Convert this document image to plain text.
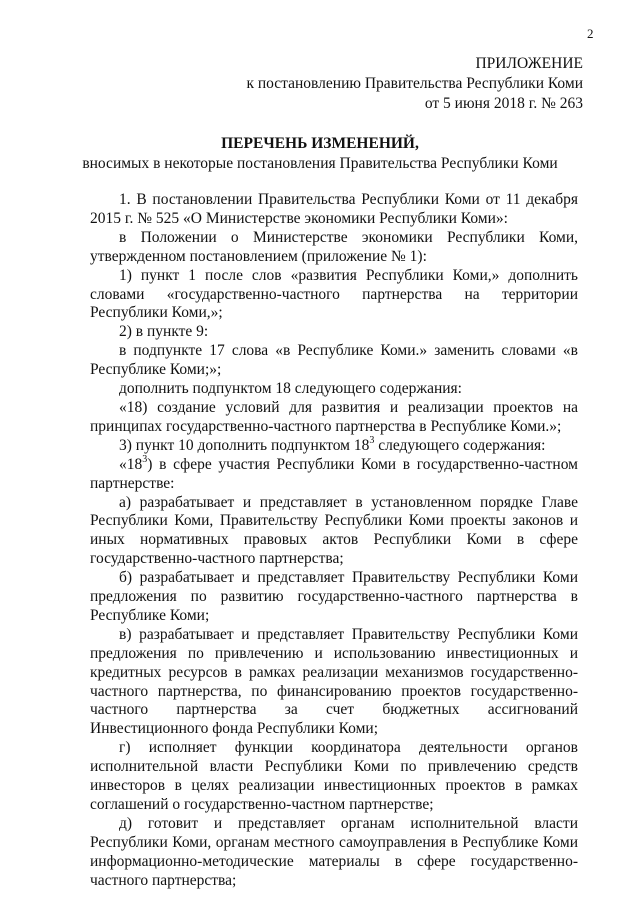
2
ПРИЛОЖЕНИЕ
к постановлению Правительства Республики Коми
от 5 июня 2018 г. № 263
ПЕРЕЧЕНЬ ИЗМЕНЕНИЙ,
вносимых в некоторые постановления Правительства Республики Коми

1. В постановлении Правительства Республики Коми от 11 декабря 2015 г. № 525 «О Министерстве экономики Республики Коми»:

в Положении о Министерстве экономики Республики Коми, утвержденном постановлением (приложение № 1):

1) пункт 1 после слов «развития Республики Коми,» дополнить словами «государственно-частного партнерства на территории Республики Коми,»;

2) в пункте 9:

в подпункте 17 слова «в Республике Коми.» заменить словами «в Республике Коми;»;

дополнить подпунктом 18 следующего содержания:

«18) создание условий для развития и реализации проектов на принципах государственно-частного партнерства в Республике Коми.»;

3) пункт 10 дополнить подпунктом $18^3$ следующего содержания:

«$18^3$) в сфере участия Республики Коми в государственно-частном партнерстве:

а) разрабатывает и представляет в установленном порядке Главе Республики Коми, Правительству Республики Коми проекты законов и иных нормативных правовых актов Республики Коми в сфере государственно-частного партнерства;

б) разрабатывает и представляет Правительству Республики Коми предложения по развитию государственно-частного партнерства в Республике Коми;

в) разрабатывает и представляет Правительству Республики Коми предложения по привлечению и использованию инвестиционных и кредитных ресурсов в рамках реализации механизмов государственно-частного партнерства, по финансированию проектов государственно-частного партнерства за счет бюджетных ассигнований Инвестиционного фонда Республики Коми;

г) исполняет функции координатора деятельности органов исполнительной власти Республики Коми по привлечению средств инвесторов в целях реализации инвестиционных проектов в рамках соглашений о государственно-частном партнерстве;

д) готовит и представляет органам исполнительной власти Республики Коми, органам местного самоуправления в Республике Коми информационно-методические материалы в сфере государственно-частного партнерства;
